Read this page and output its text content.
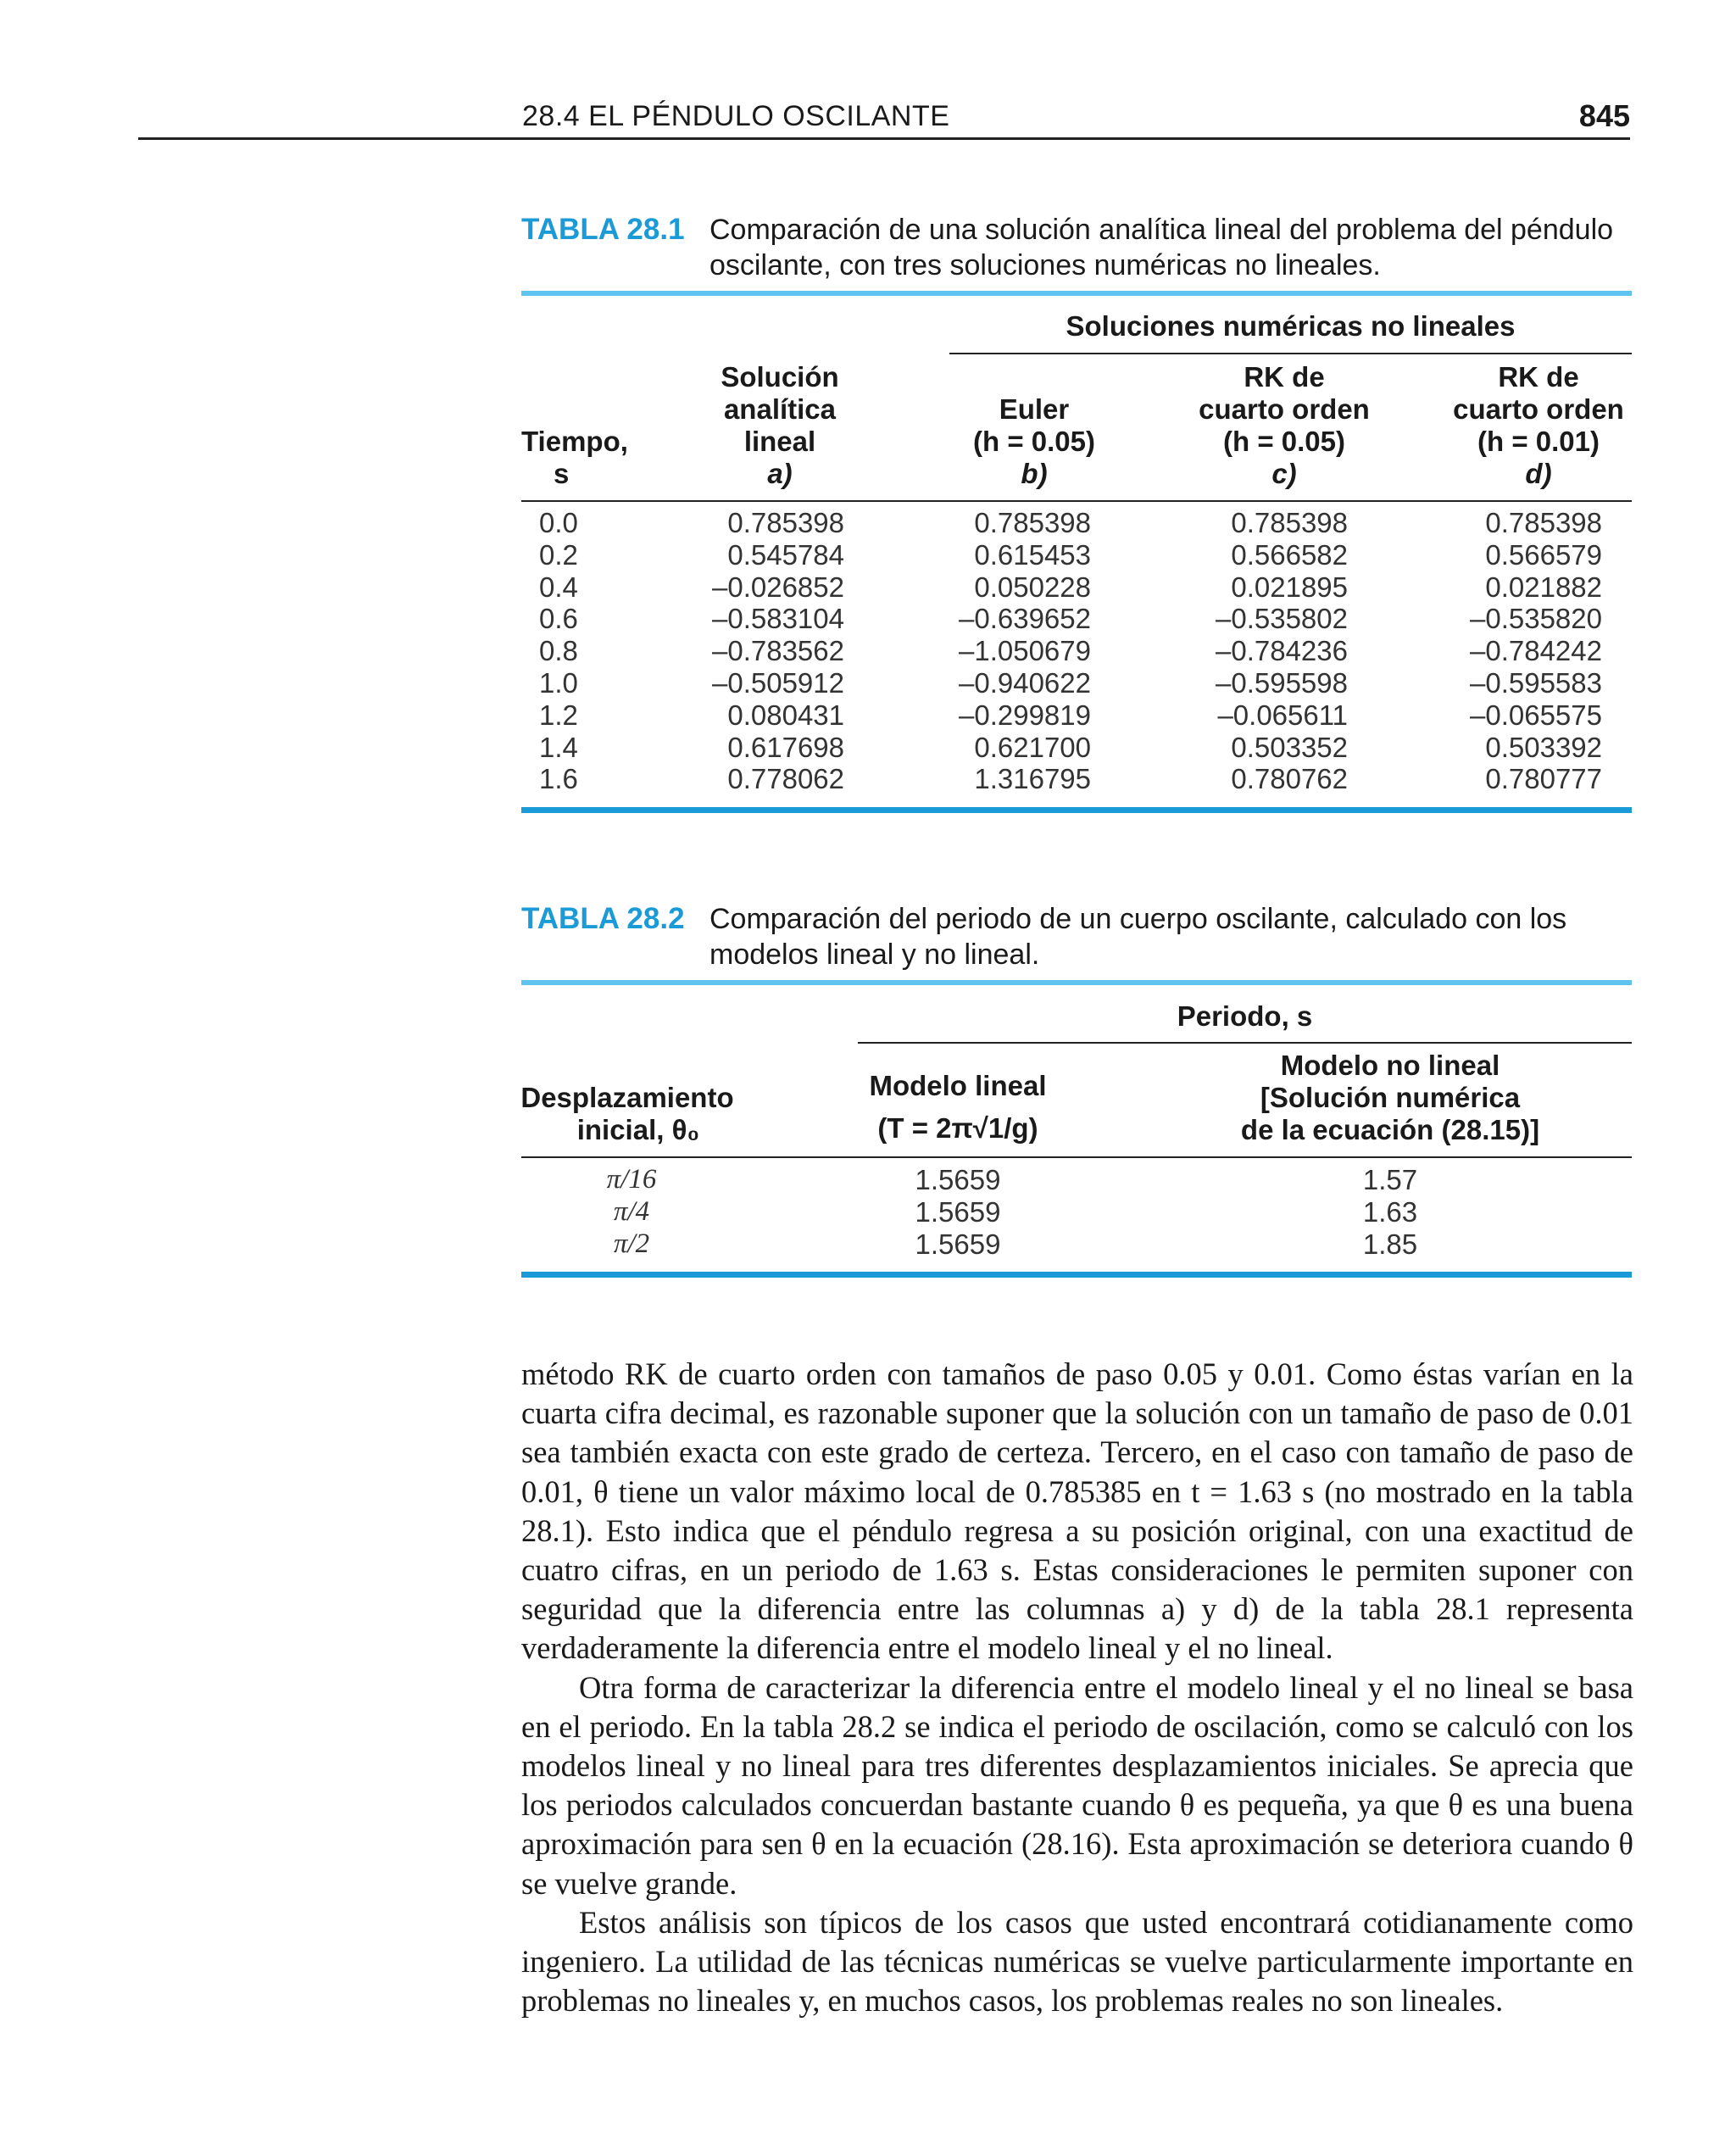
28.4 EL PÉNDULO OSCILANTE	845
TABLA 28.1 Comparación de una solución analítica lineal del problema del péndulo
oscilante, con tres soluciones numéricas no lineales.
Soluciones numéricas no lineales
Tiempo,
s
Solución
analítica
lineal
a)
Euler
(h = 0.05)
b)
RK de
cuarto orden
(h = 0.05)
c)
RK de
cuarto orden
(h = 0.01)
d)
0.0
0.2
0.4
0.6
0.8
1.0
1.2
1.4
1.6
0.785398
0.545784
–0.026852
–0.583104
–0.783562
–0.505912
0.080431
0.617698
0.778062
0.785398
0.615453
0.050228
–0.639652
–1.050679
–0.940622
–0.299819
0.621700
1.316795
0.785398
0.566582
0.021895
–0.535802
–0.784236
–0.595598
–0.065611
0.503352
0.780762
0.785398
0.566579
0.021882
–0.535820
–0.784242
–0.595583
–0.065575
0.503392
0.780777
TABLA 28.2 Comparación del periodo de un cuerpo oscilante, calculado con los
modelos lineal y no lineal.
Periodo, s
Desplazamiento
inicial, θ₀
Modelo lineal
(T = 2π√1/g)
Modelo no lineal
[Solución numérica
de la ecuación (28.15)]
π/16
π/4
π/2
1.5659
1.5659
1.5659
1.57
1.63
1.85

método RK de cuarto orden con tamaños de paso 0.05 y 0.01. Como éstas varían en la cuarta cifra decimal, es razonable suponer que la solución con un tamaño de paso de 0.01 sea también exacta con este grado de certeza. Tercero, en el caso con tamaño de paso de 0.01, θ tiene un valor máximo local de 0.785385 en t = 1.63 s (no mostrado en la tabla 28.1). Esto indica que el péndulo regresa a su posición original, con una exactitud de cuatro cifras, en un periodo de 1.63 s. Estas consideraciones le permiten suponer con seguridad que la diferencia entre las columnas a) y d) de la tabla 28.1 representa verdaderamente la diferencia entre el modelo lineal y el no lineal.

Otra forma de caracterizar la diferencia entre el modelo lineal y el no lineal se basa en el periodo. En la tabla 28.2 se indica el periodo de oscilación, como se calculó con los modelos lineal y no lineal para tres diferentes desplazamientos iniciales. Se aprecia que los periodos calculados concuerdan bastante cuando θ es pequeña, ya que θ es una buena aproximación para sen θ en la ecuación (28.16). Esta aproximación se deteriora cuando θ se vuelve grande.

Estos análisis son típicos de los casos que usted encontrará cotidianamente como ingeniero. La utilidad de las técnicas numéricas se vuelve particularmente importante en problemas no lineales y, en muchos casos, los problemas reales no son lineales.
